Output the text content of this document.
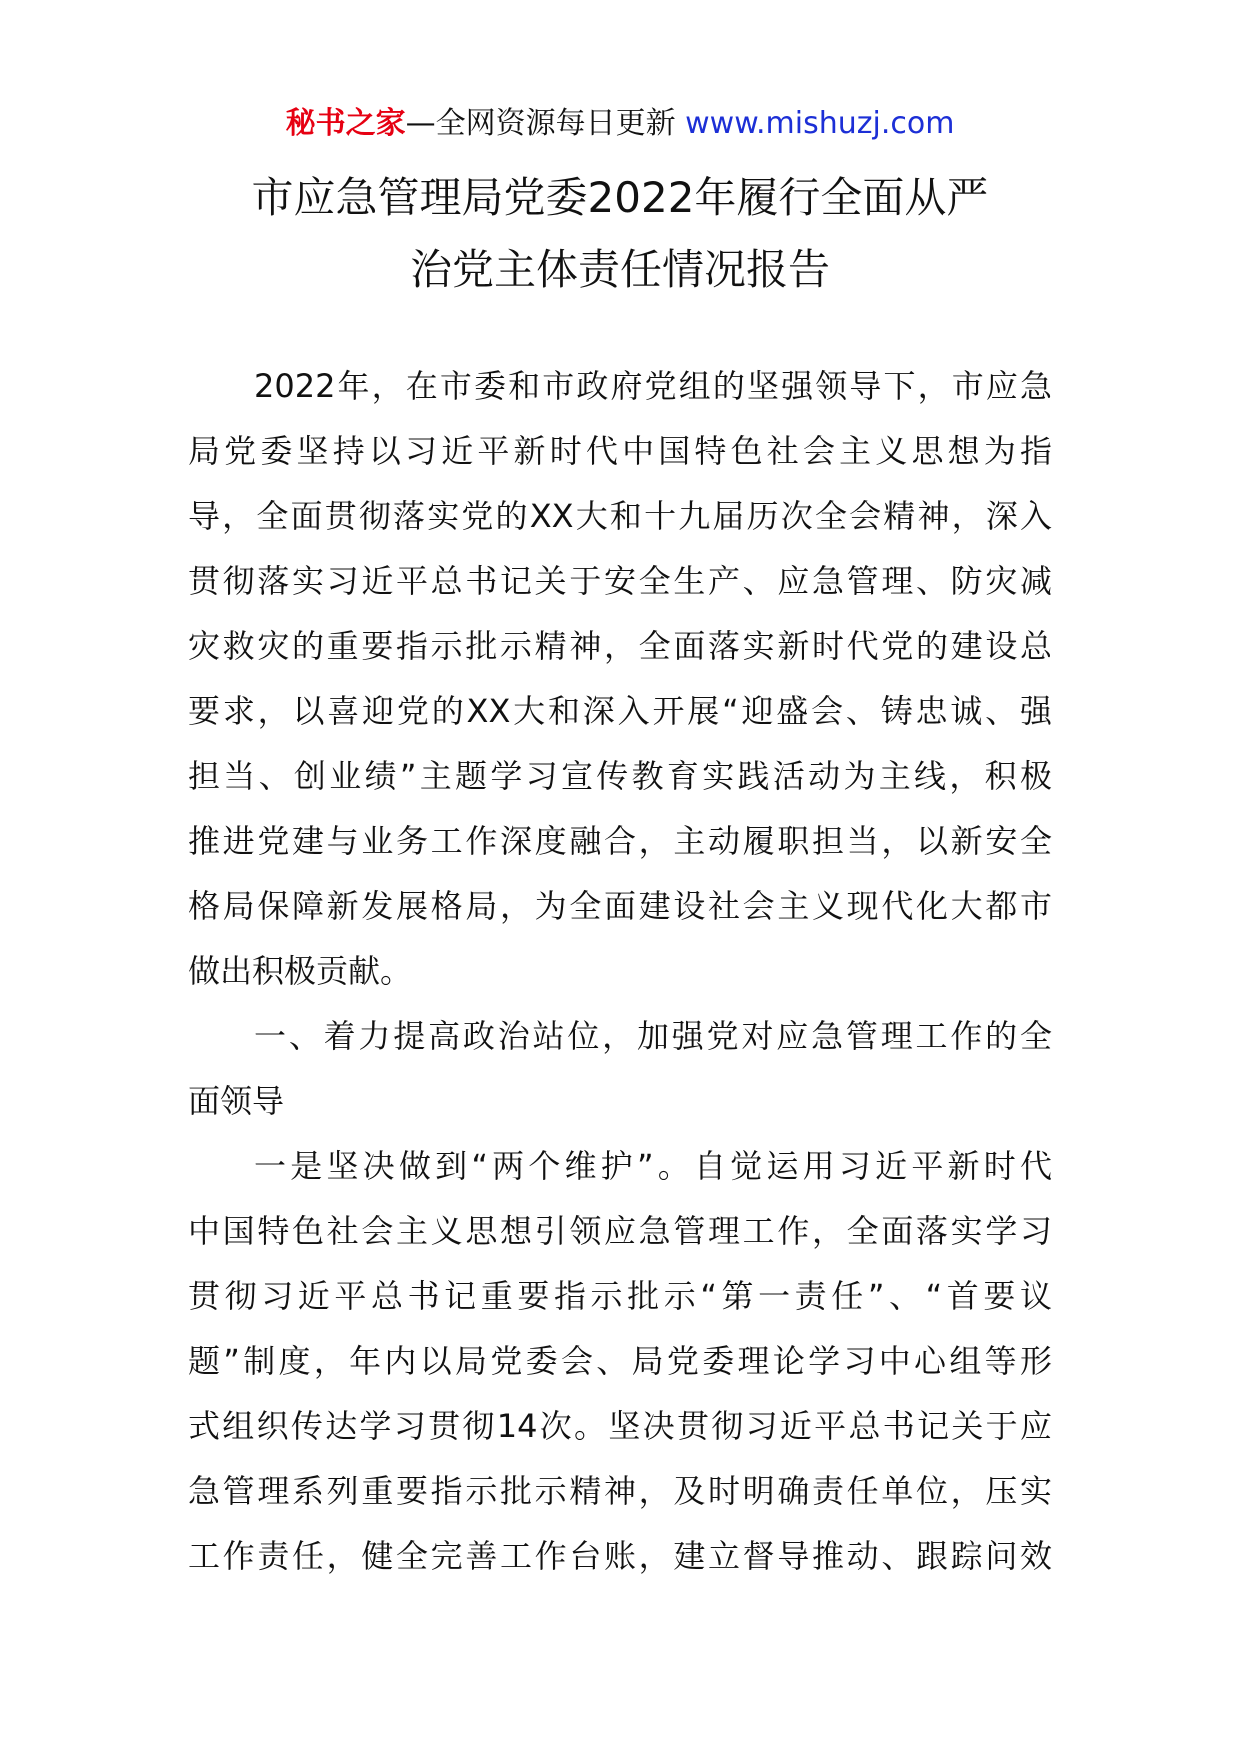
秘书之家—全网资源每日更新 www.mishuzj.com
市应急管理局党委2022年履行全面从严
治党主体责任情况报告
2022年，在市委和市政府党组的坚强领导下，市应急
局党委坚持以习近平新时代中国特色社会主义思想为指
导，全面贯彻落实党的XX大和十九届历次全会精神，深入
贯彻落实习近平总书记关于安全生产、应急管理、防灾减
灾救灾的重要指示批示精神，全面落实新时代党的建设总
要求，以喜迎党的XX大和深入开展“迎盛会、铸忠诚、强
担当、创业绩”主题学习宣传教育实践活动为主线，积极
推进党建与业务工作深度融合，主动履职担当，以新安全
格局保障新发展格局，为全面建设社会主义现代化大都市
做出积极贡献。
一、着力提高政治站位，加强党对应急管理工作的全
面领导
一是坚决做到“两个维护”。自觉运用习近平新时代
中国特色社会主义思想引领应急管理工作，全面落实学习
贯彻习近平总书记重要指示批示“第一责任”、“首要议
题”制度，年内以局党委会、局党委理论学习中心组等形
式组织传达学习贯彻14次。坚决贯彻习近平总书记关于应
急管理系列重要指示批示精神，及时明确责任单位，压实
工作责任，健全完善工作台账，建立督导推动、跟踪问效
